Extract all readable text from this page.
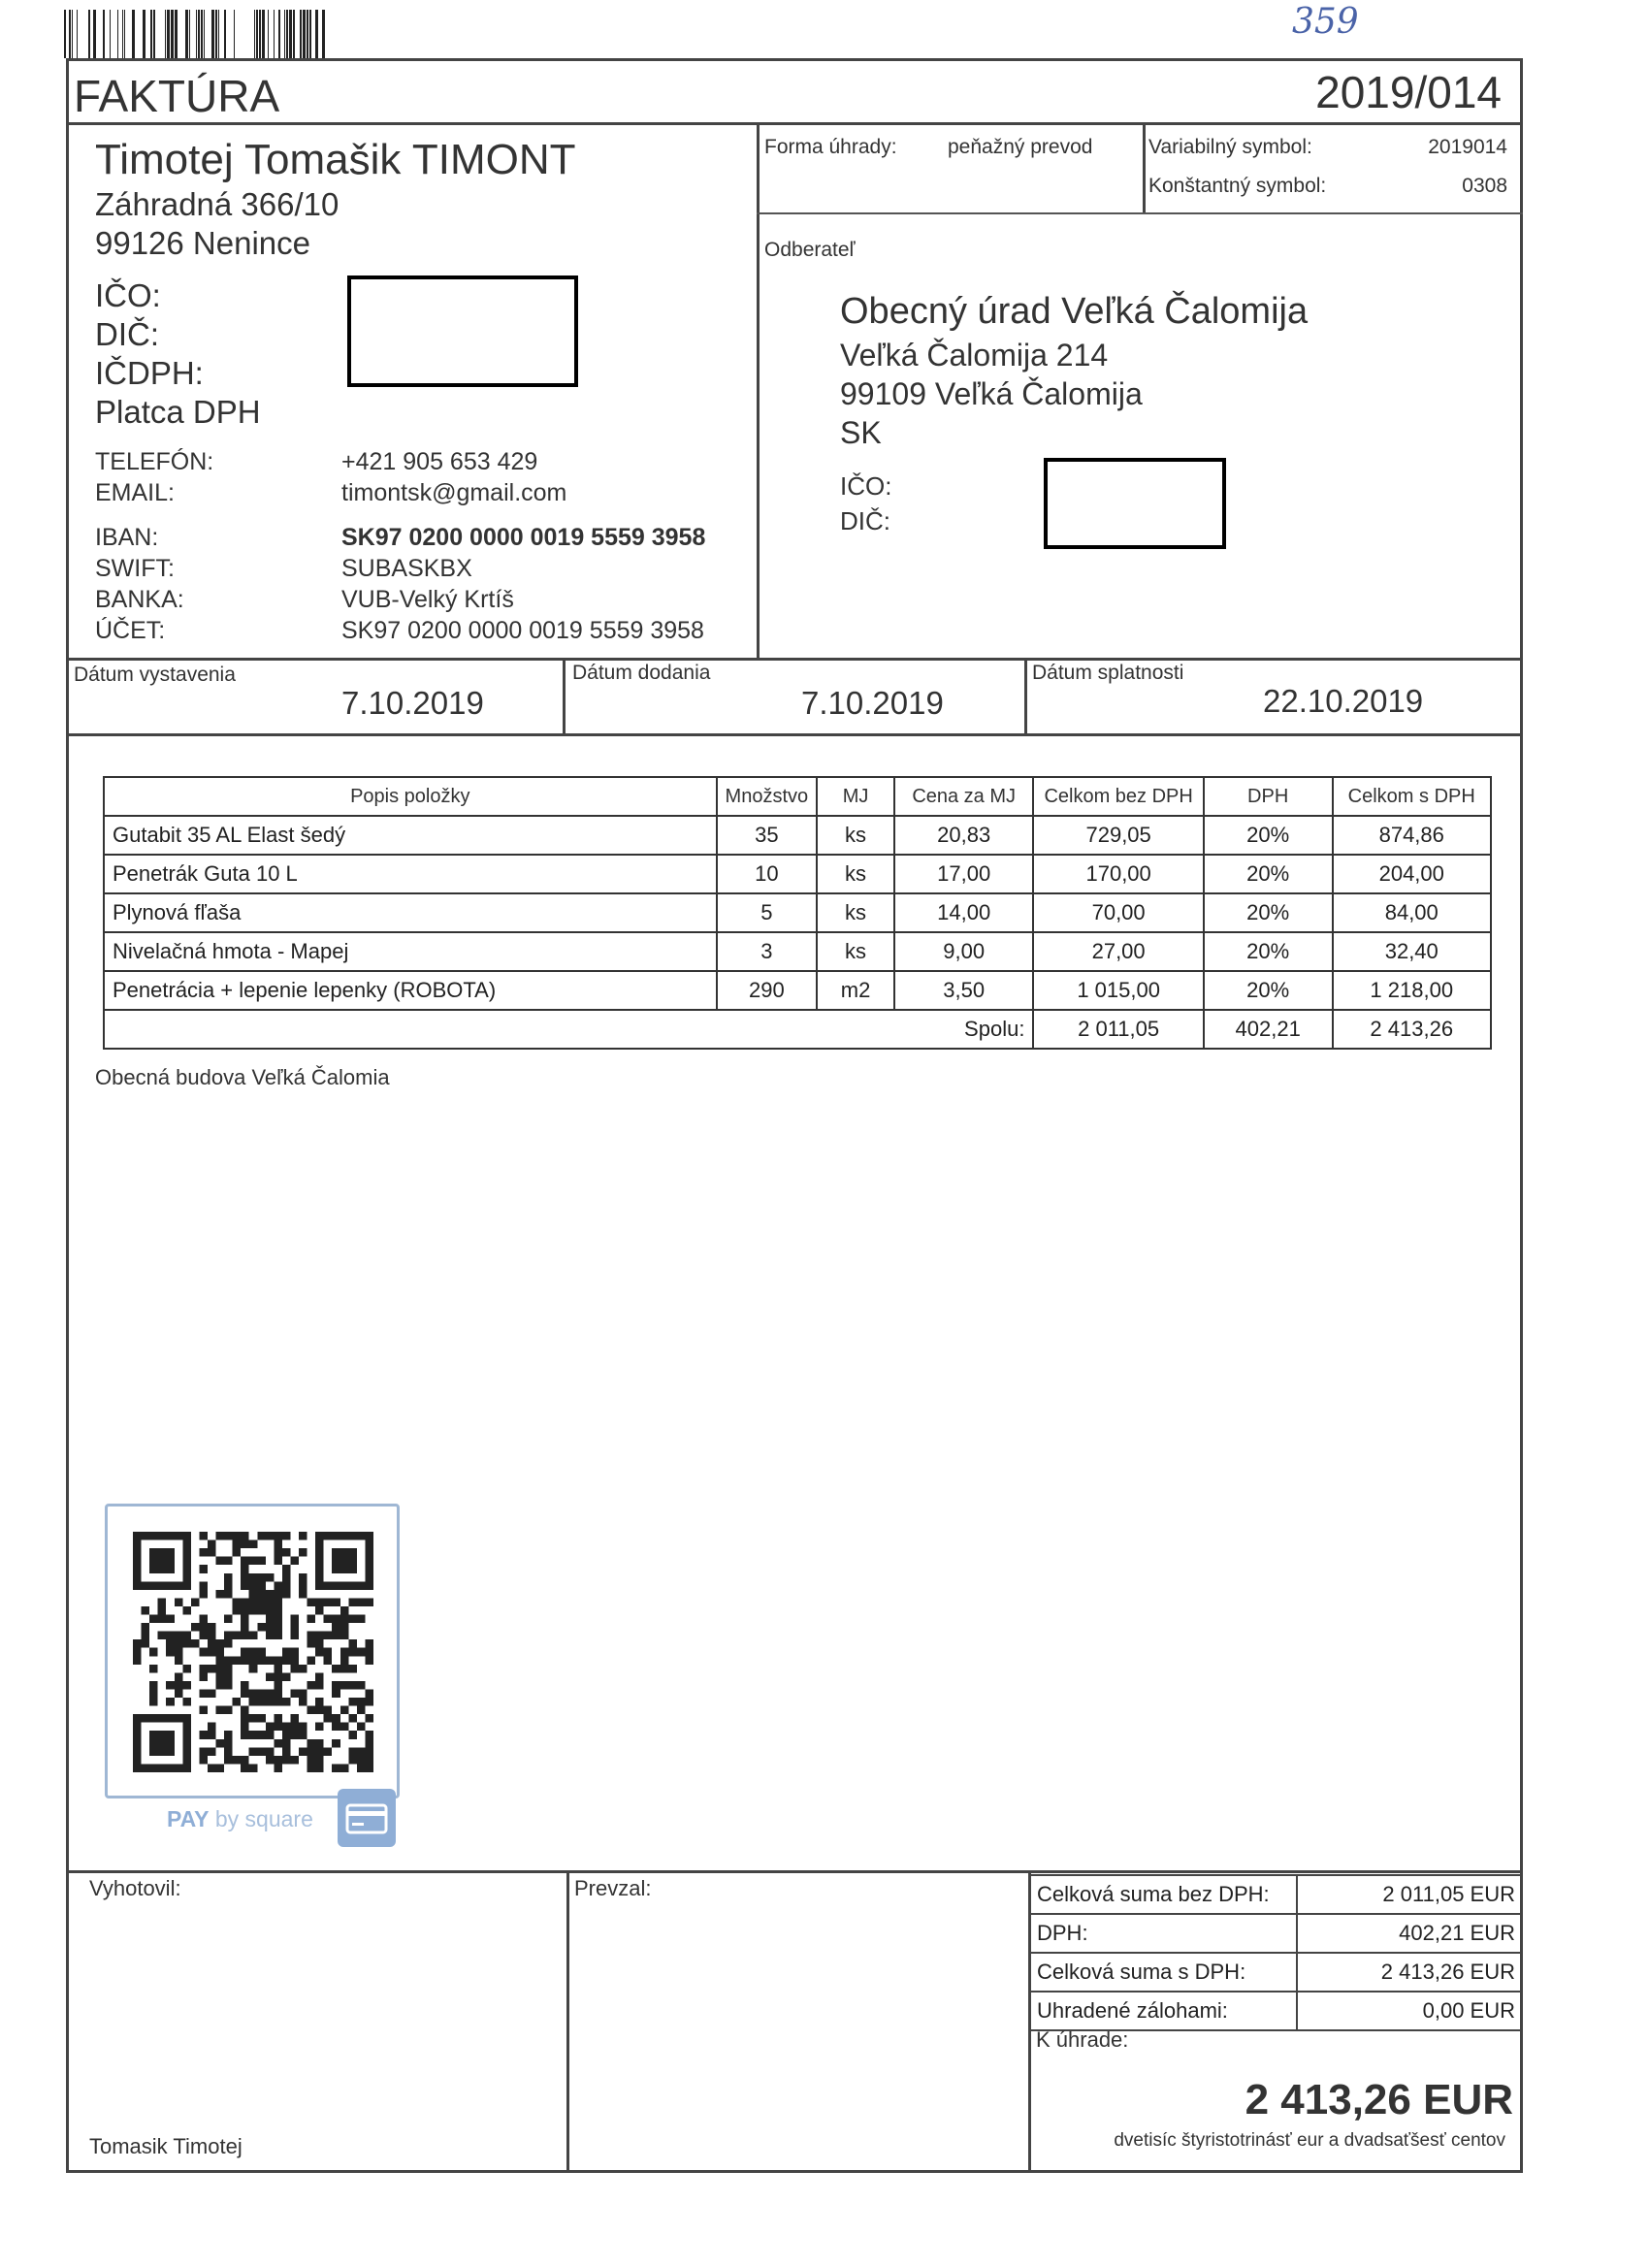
359
FAKTÚRA	2019/014
Timotej Tomašik TIMONT
Záhradná 366/10
99126 Nenince
IČO:
DIČ:
IČDPH:
Platca DPH
TELEFÓN:	+421 905 653 429
EMAIL:	timontsk@gmail.com
IBAN:	SK97 0200 0000 0019 5559 3958
SWIFT:	SUBASKBX
BANKA:	VUB-Velký Krtíš
ÚČET:	SK97 0200 0000 0019 5559 3958
Forma úhrady: peňažný prevod	Variabilný symbol:	2019014
Konštantný symbol:	0308
Odberateľ
Obecný úrad Veľká Čalomija
Veľká Čalomija 214
99109 Veľká Čalomija
SK
IČO:
DIČ:
Dátum vystavenia
7.10.2019
Dátum dodania
7.10.2019
Dátum splatnosti
22.10.2019
Popis položky	Množstvo	MJ	Cena za MJ	Celkom bez DPH	DPH	Celkom s DPH
Gutabit 35 AL Elast šedý	35	ks	20,83	729,05	20%	874,86
Penetrák Guta 10 L	10	ks	17,00	170,00	20%	204,00
Plynová fľaša	5	ks	14,00	70,00	20%	84,00
Nivelačná hmota - Mapej	3	ks	9,00	27,00	20%	32,40
Penetrácia + lepenie lepenky (ROBOTA)	290	m2	3,50	1 015,00	20%	1 218,00
Spolu:				2 011,05	402,21	2 413,26
Obecná budova Veľká Čalomia
PAY by square
Vyhotovil:
Tomasik Timotej
Prevzal:	Celková suma bez DPH:	2 011,05 EUR
DPH:	402,21 EUR
Celková suma s DPH:	2 413,26 EUR
Uhradené zálohami:	0,00 EUR
K úhrade:
2 413,26 EUR
dvetisíc štyristotrinásť eur a dvadsaťšesť centov
